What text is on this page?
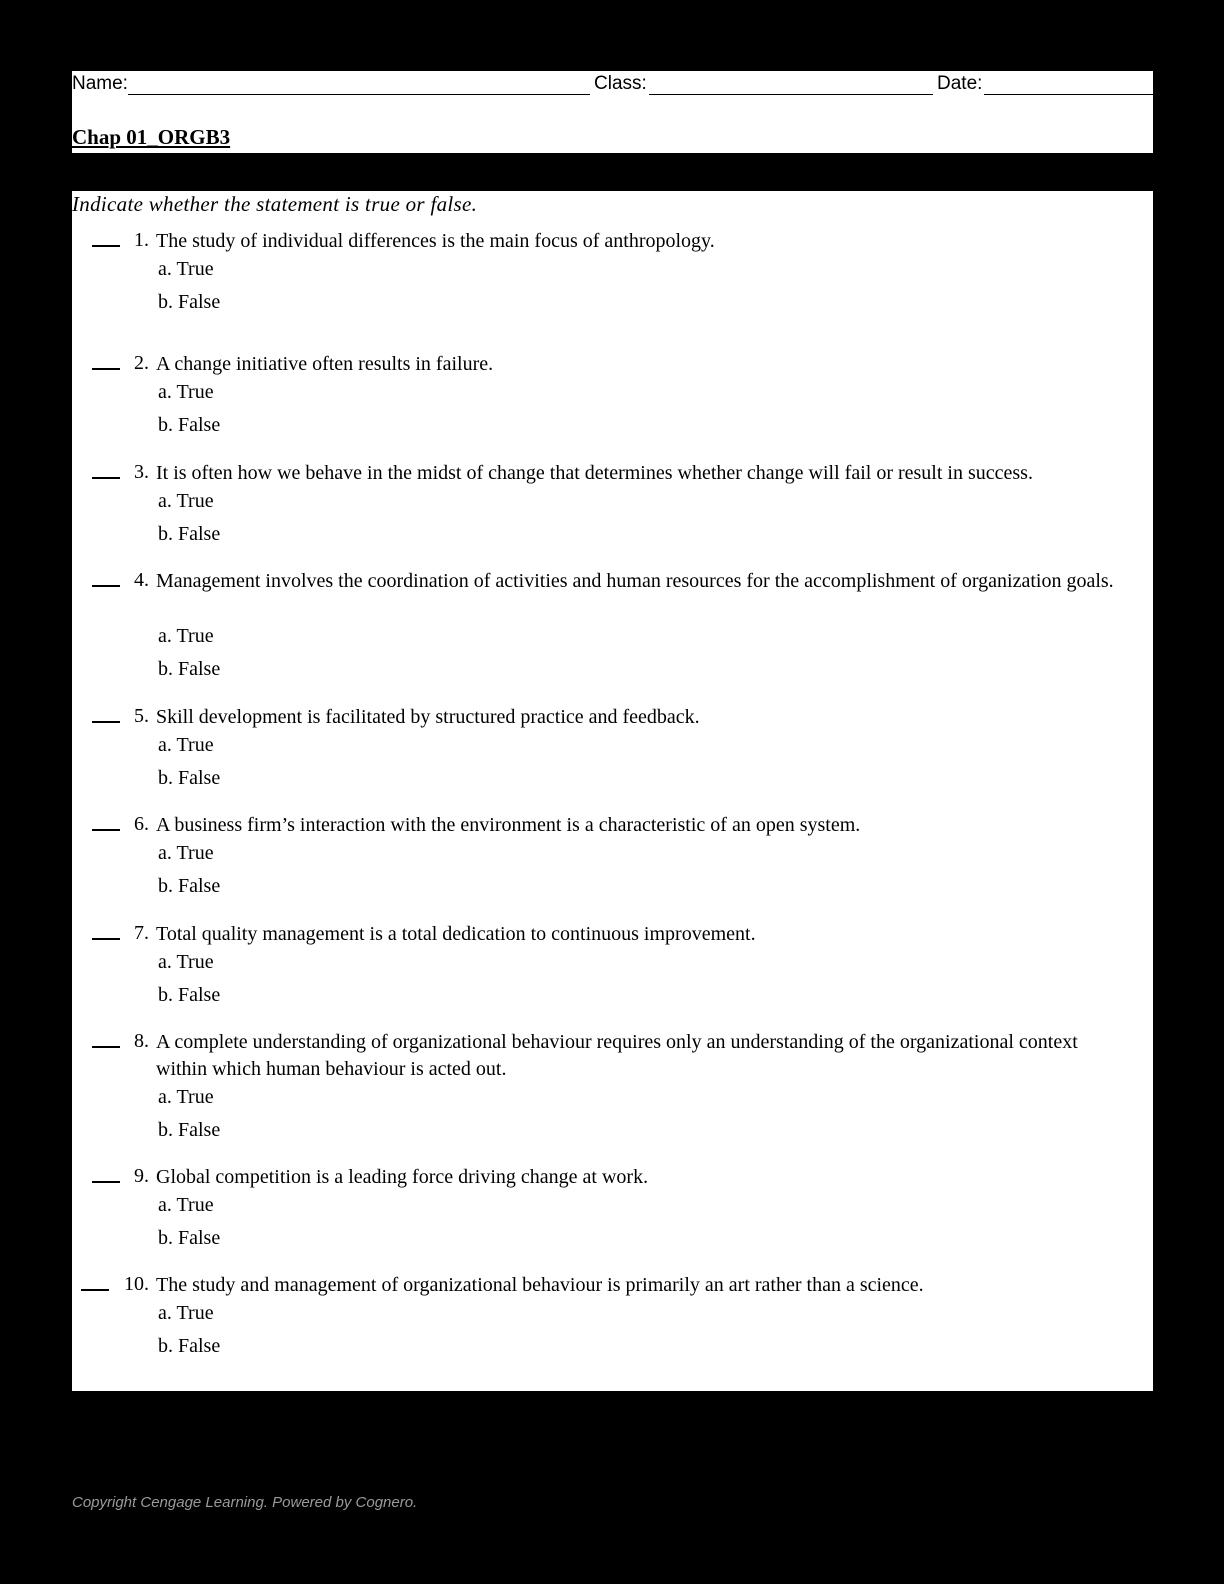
Name:	Class:	Date:
Chap 01_ORGB3
Indicate whether the statement is true or false.
1. The study of individual differences is the main focus of anthropology.
a. True
b. False
2. A change initiative often results in failure.
a. True
b. False
3. It is often how we behave in the midst of change that determines whether change will fail or result in success.
a. True
b. False
4. Management involves the coordination of activities and human resources for the accomplishment of organization goals.
a. True
b. False
5. Skill development is facilitated by structured practice and feedback.
a. True
b. False
6. A business firm’s interaction with the environment is a characteristic of an open system.
a. True
b. False
7. Total quality management is a total dedication to continuous improvement.
a. True
b. False
8. A complete understanding of organizational behaviour requires only an understanding of the organizational context within which human behaviour is acted out.
a. True
b. False
9. Global competition is a leading force driving change at work.
a. True
b. False
10. The study and management of organizational behaviour is primarily an art rather than a science.
a. True
b. False
Copyright Cengage Learning. Powered by Cognero.
